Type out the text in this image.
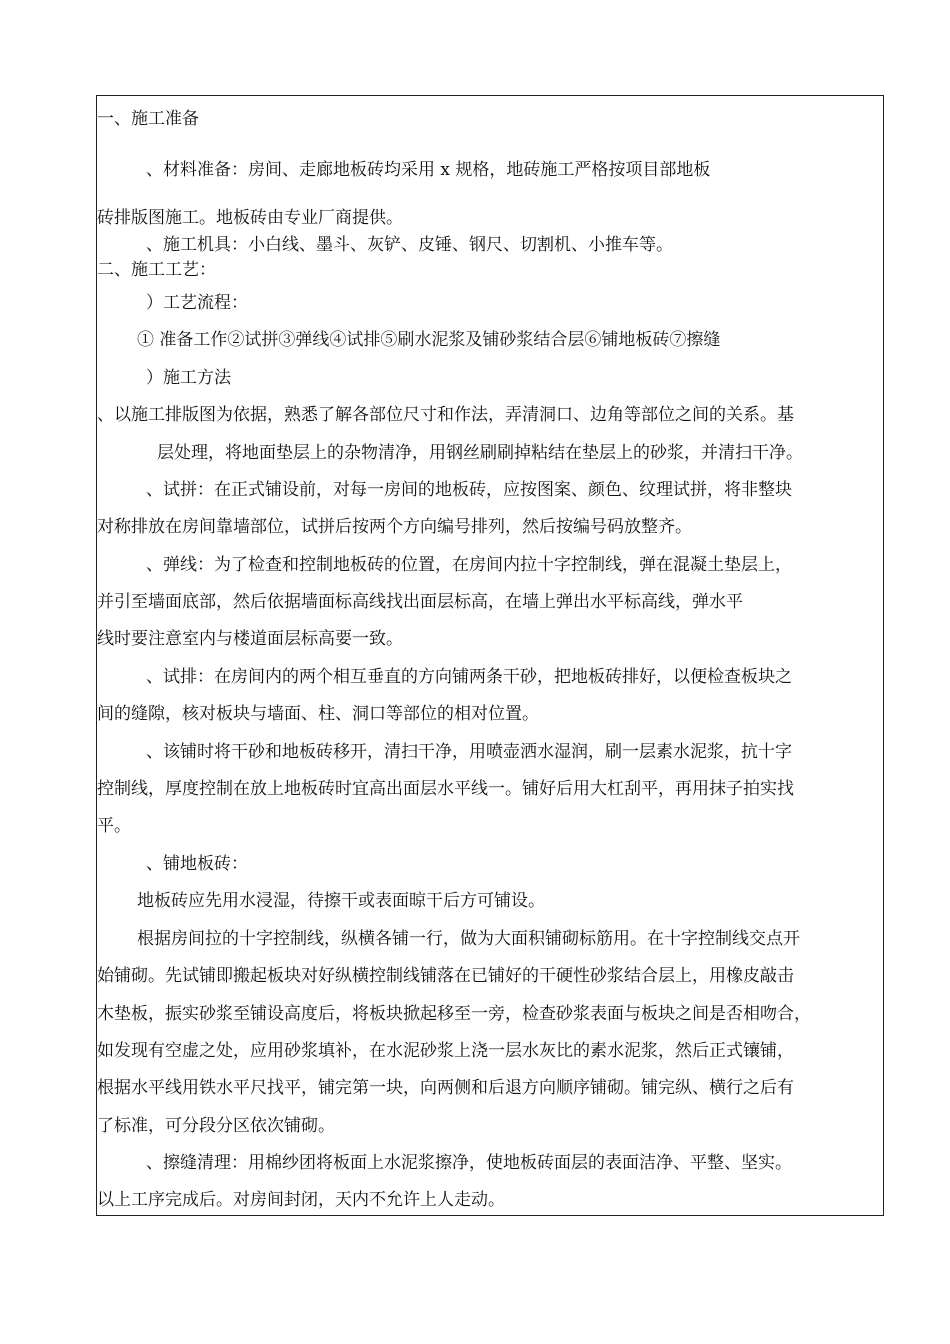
一、施工准备
、材料准备：房间、走廊地板砖均采用 x 规格，地砖施工严格按项目部地板
砖排版图施工。地板砖由专业厂商提供。
、施工机具：小白线、墨斗、灰铲、皮锤、钢尺、切割机、小推车等。
二、施工工艺：
）工艺流程：
① 准备工作②试拼③弹线④试排⑤刷水泥浆及铺砂浆结合层⑥铺地板砖⑦擦缝
）施工方法
、以施工排版图为依据，熟悉了解各部位尺寸和作法，弄清洞口、边角等部位之间的关系。基
层处理，将地面垫层上的杂物清净，用钢丝刷刷掉粘结在垫层上的砂浆，并清扫干净。
、试拼：在正式铺设前，对每一房间的地板砖，应按图案、颜色、纹理试拼，将非整块
对称排放在房间靠墙部位，试拼后按两个方向编号排列，然后按编号码放整齐。
、弹线：为了检查和控制地板砖的位置，在房间内拉十字控制线，弹在混凝土垫层上，
并引至墙面底部，然后依据墙面标高线找出面层标高，在墙上弹出水平标高线，弹水平
线时要注意室内与楼道面层标高要一致。
、试排：在房间内的两个相互垂直的方向铺两条干砂，把地板砖排好，以便检查板块之
间的缝隙，核对板块与墙面、柱、洞口等部位的相对位置。
、该铺时将干砂和地板砖移开，清扫干净，用喷壶洒水湿润，刷一层素水泥浆，抗十字
控制线，厚度控制在放上地板砖时宜高出面层水平线一。铺好后用大杠刮平，再用抹子拍实找
平。
、铺地板砖：
地板砖应先用水浸湿，待擦干或表面晾干后方可铺设。
根据房间拉的十字控制线，纵横各铺一行，做为大面积铺砌标筋用。在十字控制线交点开
始铺砌。先试铺即搬起板块对好纵横控制线铺落在已铺好的干硬性砂浆结合层上，用橡皮敲击
木垫板，振实砂浆至铺设高度后，将板块掀起移至一旁，检查砂浆表面与板块之间是否相吻合，
如发现有空虚之处，应用砂浆填补，在水泥砂浆上浇一层水灰比的素水泥浆，然后正式镶铺，
根据水平线用铁水平尺找平，铺完第一块，向两侧和后退方向顺序铺砌。铺完纵、横行之后有
了标准，可分段分区依次铺砌。
、擦缝清理：用棉纱团将板面上水泥浆擦净，使地板砖面层的表面洁净、平整、坚实。
以上工序完成后。对房间封闭，天内不允许上人走动。
